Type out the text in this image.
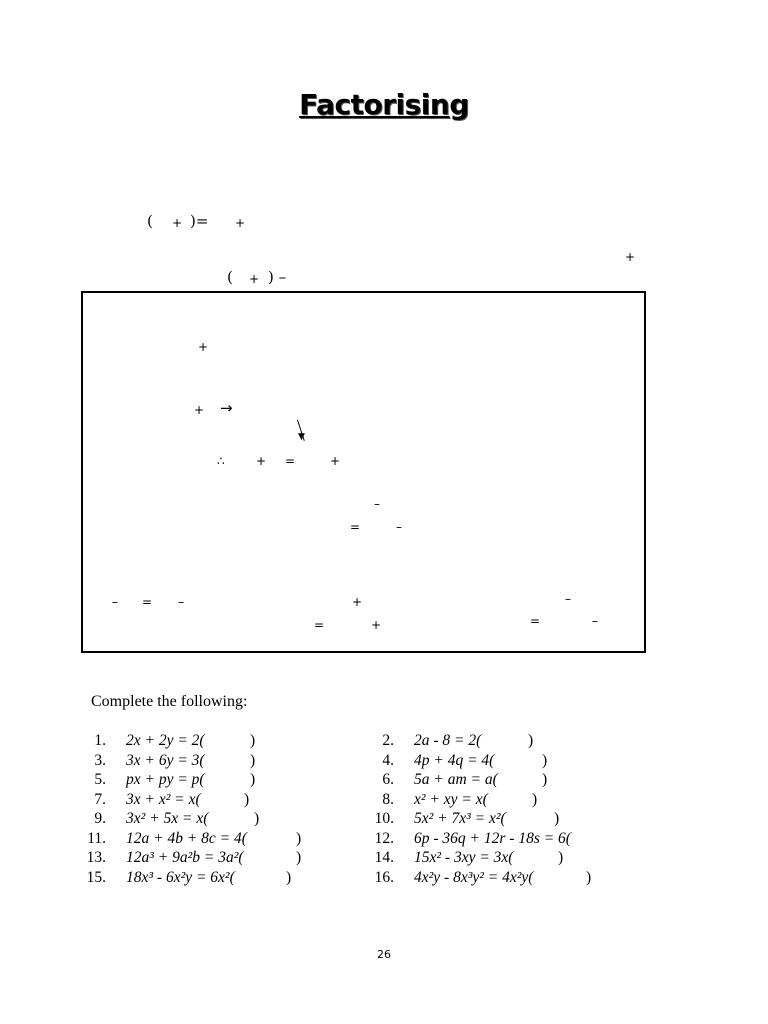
Factorising
( + )= +
+
( + ) –
+
+ →
▼
∴	+ =	+
–
=	–
– = –	+	–
=	+	=	–
Complete the following:
1. 2x + 2y = 2(	)
3. 3x + 6y = 3(	)
5. px + py = p(	)
7. 3x + x² = x(	)
9. 3x² + 5x = x(	)
11. 12a + 4b + 8c = 4(	)
13. 12a³ + 9a²b = 3a²(	)
15. 18x³ - 6x²y = 6x²(	)
2. 2a - 8 = 2(	)
4. 4p + 4q = 4(	)
6. 5a + am = a(	)
8. x² + xy = x(	)
10. 5x² + 7x³ = x²(	)
12. 6p - 36q + 12r - 18s = 6(
14. 15x² - 3xy = 3x(	)
16. 4x²y - 8x³y² = 4x²y(	)
26
